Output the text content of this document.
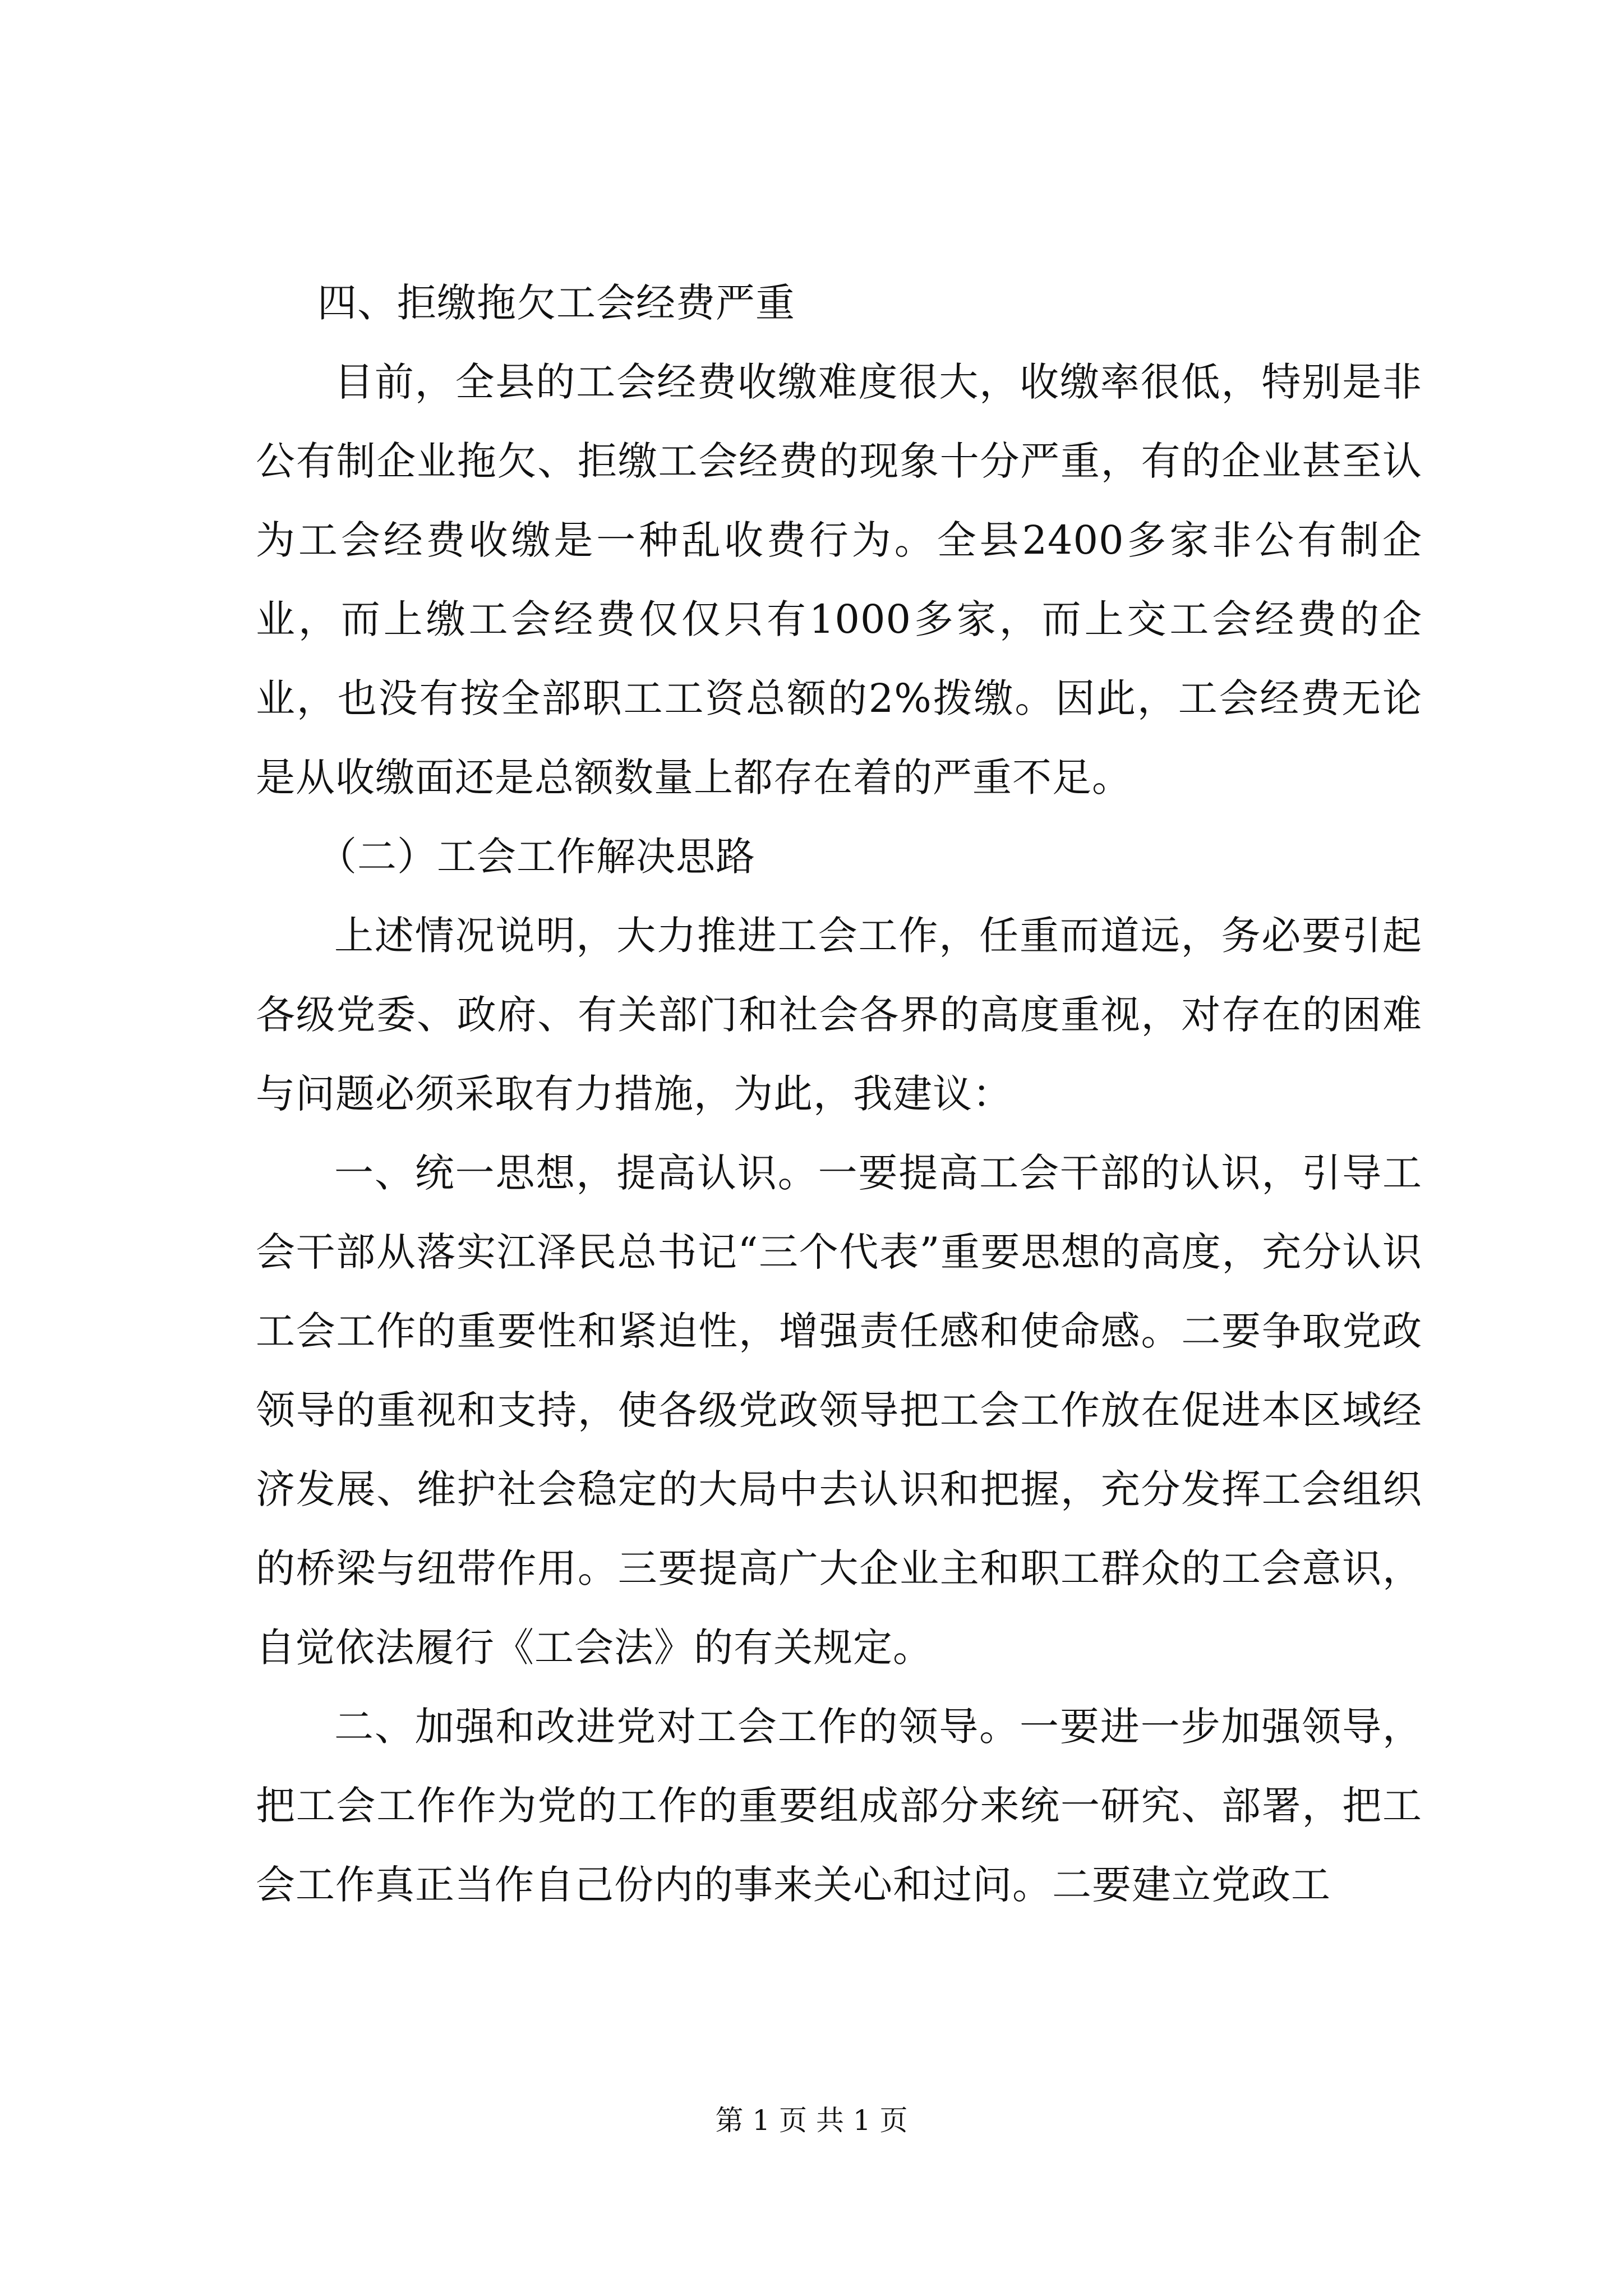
四、拒缴拖欠工会经费严重

目前，全县的工会经费收缴难度很大，收缴率很低，特别是非公有制企业拖欠、拒缴工会经费的现象十分严重，有的企业甚至认为工会经费收缴是一种乱收费行为。全县2400多家非公有制企业，而上缴工会经费仅仅只有1000多家，而上交工会经费的企业，也没有按全部职工工资总额的2%拨缴。因此，工会经费无论是从收缴面还是总额数量上都存在着的严重不足。

（二）工会工作解决思路

上述情况说明，大力推进工会工作，任重而道远，务必要引起各级党委、政府、有关部门和社会各界的高度重视，对存在的困难与问题必须采取有力措施，为此，我建议：

一、统一思想，提高认识。一要提高工会干部的认识，引导工会干部从落实江泽民总书记“三个代表”重要思想的高度，充分认识工会工作的重要性和紧迫性，增强责任感和使命感。二要争取党政领导的重视和支持，使各级党政领导把工会工作放在促进本区域经济发展、维护社会稳定的大局中去认识和把握，充分发挥工会组织的桥梁与纽带作用。三要提高广大企业主和职工群众的工会意识，自觉依法履行《工会法》的有关规定。

二、加强和改进党对工会工作的领导。一要进一步加强领导，把工会工作作为党的工作的重要组成部分来统一研究、部署，把工会工作真正当作自己份内的事来关心和过问。二要建立党政工

第 1 页 共 1 页
